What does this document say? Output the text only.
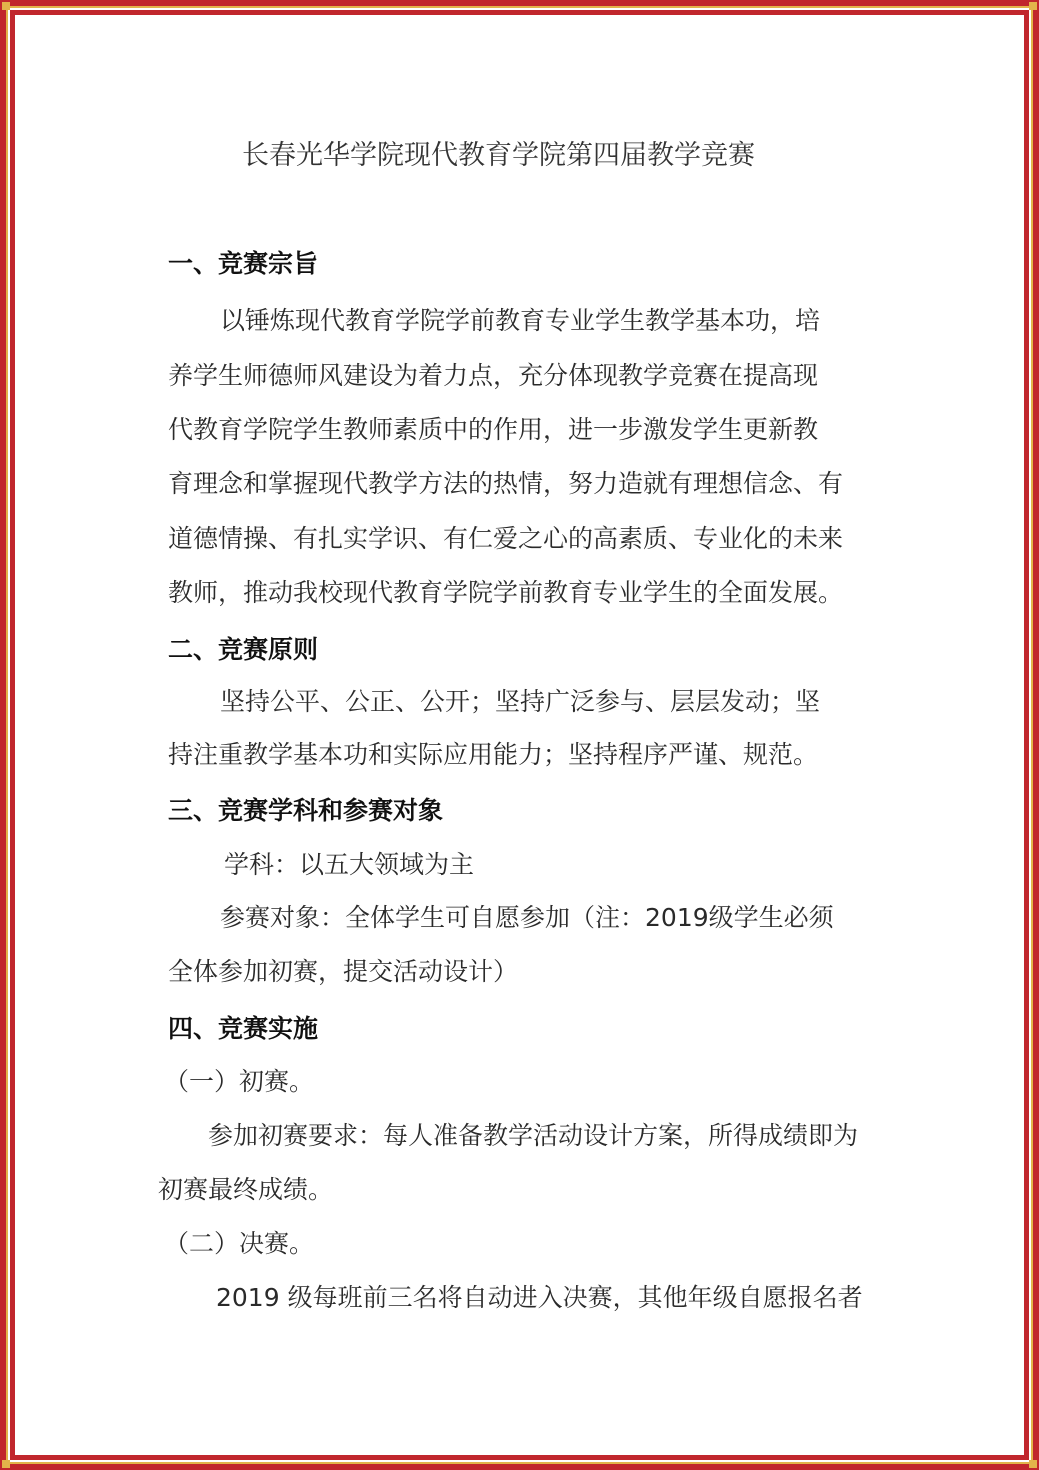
长春光华学院现代教育学院第四届教学竞赛
一、竞赛宗旨
以锤炼现代教育学院学前教育专业学生教学基本功，培
养学生师德师风建设为着力点，充分体现教学竞赛在提高现
代教育学院学生教师素质中的作用，进一步激发学生更新教
育理念和掌握现代教学方法的热情，努力造就有理想信念、有
道德情操、有扎实学识、有仁爱之心的高素质、专业化的未来
教师，推动我校现代教育学院学前教育专业学生的全面发展。
二、竞赛原则
坚持公平、公正、公开；坚持广泛参与、层层发动；坚
持注重教学基本功和实际应用能力；坚持程序严谨、规范。
三、竞赛学科和参赛对象
学科：以五大领域为主
参赛对象：全体学生可自愿参加（注：2019级学生必须
全体参加初赛，提交活动设计）
四、竞赛实施
（一）初赛。
参加初赛要求：每人准备教学活动设计方案，所得成绩即为
初赛最终成绩。
（二）决赛。
2019 级每班前三名将自动进入决赛，其他年级自愿报名者
